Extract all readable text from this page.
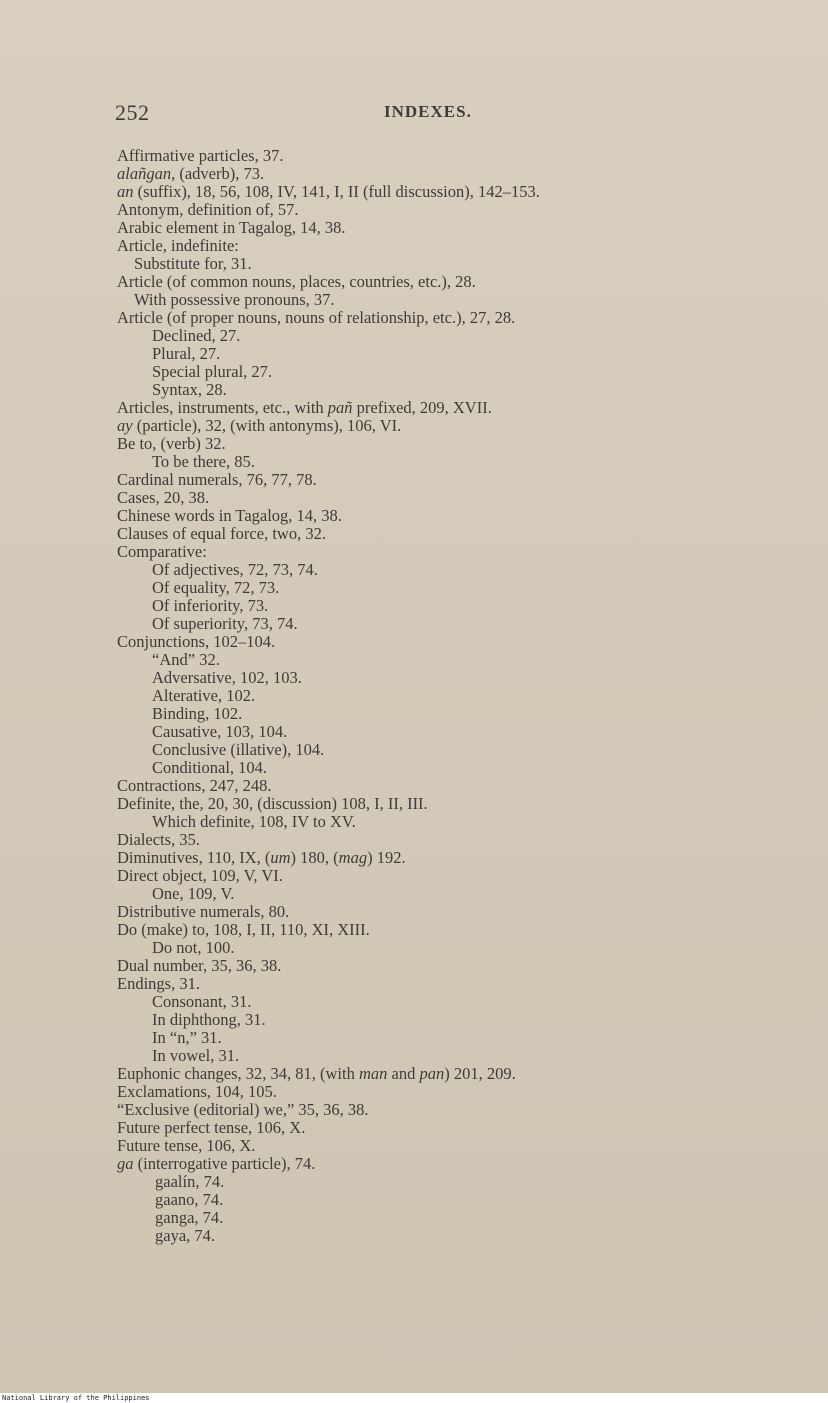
252	INDEXES.
Affirmative particles, 37.
alañgan, (adverb), 73.
an (suffix), 18, 56, 108, IV, 141, I, II (full discussion), 142–153.
Antonym, definition of, 57.
Arabic element in Tagalog, 14, 38.
Article, indefinite:
Substitute for, 31.
Article (of common nouns, places, countries, etc.), 28.
With possessive pronouns, 37.
Article (of proper nouns, nouns of relationship, etc.), 27, 28.
Declined, 27.
Plural, 27.
Special plural, 27.
Syntax, 28.
Articles, instruments, etc., with pañ prefixed, 209, XVII.
ay (particle), 32, (with antonyms), 106, VI.
Be to, (verb) 32.
To be there, 85.
Cardinal numerals, 76, 77, 78.
Cases, 20, 38.
Chinese words in Tagalog, 14, 38.
Clauses of equal force, two, 32.
Comparative:
Of adjectives, 72, 73, 74.
Of equality, 72, 73.
Of inferiority, 73.
Of superiority, 73, 74.
Conjunctions, 102–104.
“And” 32.
Adversative, 102, 103.
Alterative, 102.
Binding, 102.
Causative, 103, 104.
Conclusive (illative), 104.
Conditional, 104.
Contractions, 247, 248.
Definite, the, 20, 30, (discussion) 108, I, II, III.
Which definite, 108, IV to XV.
Dialects, 35.
Diminutives, 110, IX, (um) 180, (mag) 192.
Direct object, 109, V, VI.
One, 109, V.
Distributive numerals, 80.
Do (make) to, 108, I, II, 110, XI, XIII.
Do not, 100.
Dual number, 35, 36, 38.
Endings, 31.
Consonant, 31.
In diphthong, 31.
In “n,” 31.
In vowel, 31.
Euphonic changes, 32, 34, 81, (with man and pan) 201, 209.
Exclamations, 104, 105.
“Exclusive (editorial) we,” 35, 36, 38.
Future perfect tense, 106, X.
Future tense, 106, X.
ga (interrogative particle), 74.
gaalín, 74.
gaano, 74.
ganga, 74.
gaya, 74.
National Library of the Philippines
